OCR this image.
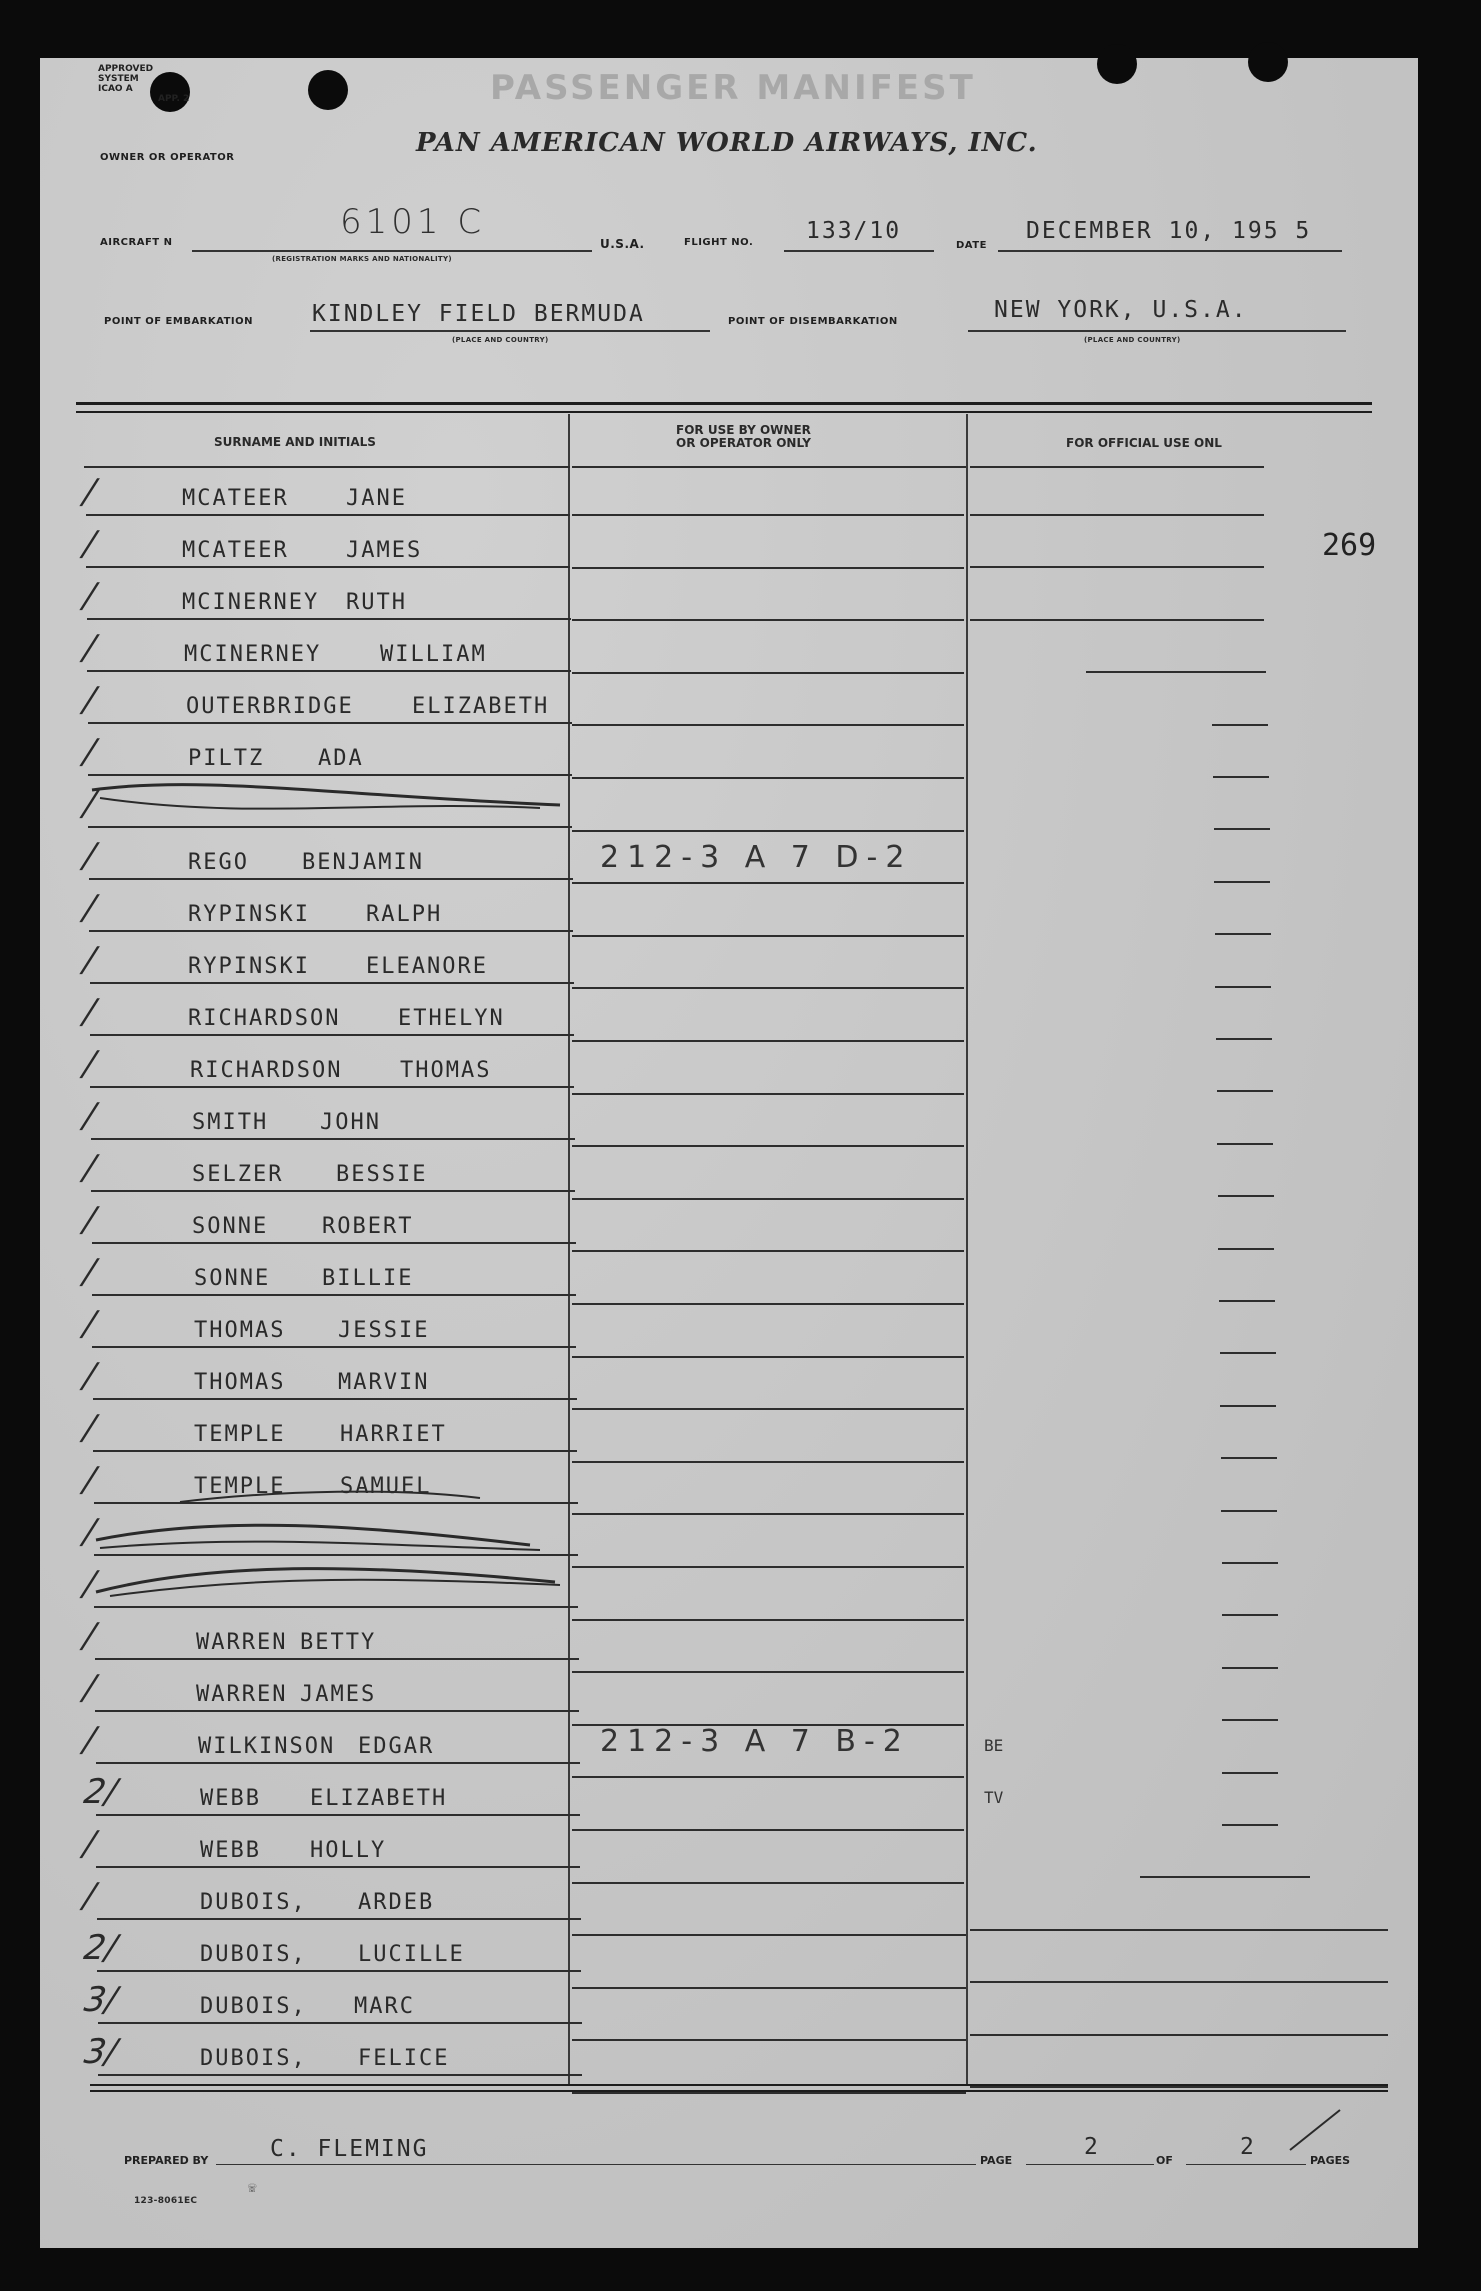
APPROVED
SYSTEM
ICAO A
APP. 2	PASSENGER MANIFEST
OWNER OR OPERATOR	PAN AMERICAN WORLD AIRWAYS, INC.
AIRCRAFT N
6101 C
(REGISTRATION MARKS AND NATIONALITY)
U.S.A.	FLIGHT NO. 133/10
DATE
DECEMBER 10, 195 5
POINT OF EMBARKATION	KINDLEY FIELD BERMUDA
(PLACE AND COUNTRY)
POINT OF DISEMBARKATION	NEW YORK, U.S.A.
(PLACE AND COUNTRY)
SURNAME AND INITIALS
FOR USE BY OWNER
OR OPERATOR ONLY	FOR OFFICIAL USE ONL
269
/	MCATEER	JANE
/	MCATEER	JAMES
/	MCINERNEY RUTH
/	MCINERNEY	WILLIAM
/	OUTERBRIDGE	ELIZABETH
/	PILTZ ADA
/
/	REGO BENJAMIN	212-3 A 7 D-2
/	RYPINSKI	RALPH
/	RYPINSKI	ELEANORE
/	RICHARDSON	ETHELYN
/	RICHARDSON	THOMAS
/	SMITH JOHN
/	SELZER BESSIE
/	SONNE ROBERT
/	SONNE BILLIE
/	THOMAS JESSIE
/	THOMAS MARVIN
/	TEMPLE HARRIET
/	TEMPLE SAMUEL
/
/
/	WARREN BETTY
/	WARREN JAMES
/	WILKINSON EDGAR	212-3 A 7 B-2	BE
2/	WEBB ELIZABETH	TV
/	WEBB HOLLY
/	DUBOIS, ARDEB
2/	DUBOIS, LUCILLE
3/	DUBOIS, MARC
3/	DUBOIS, FELICE
PREPARED BY	C. FLEMING	PAGE
2
OF
2
PAGES
123-8061EC
☏
